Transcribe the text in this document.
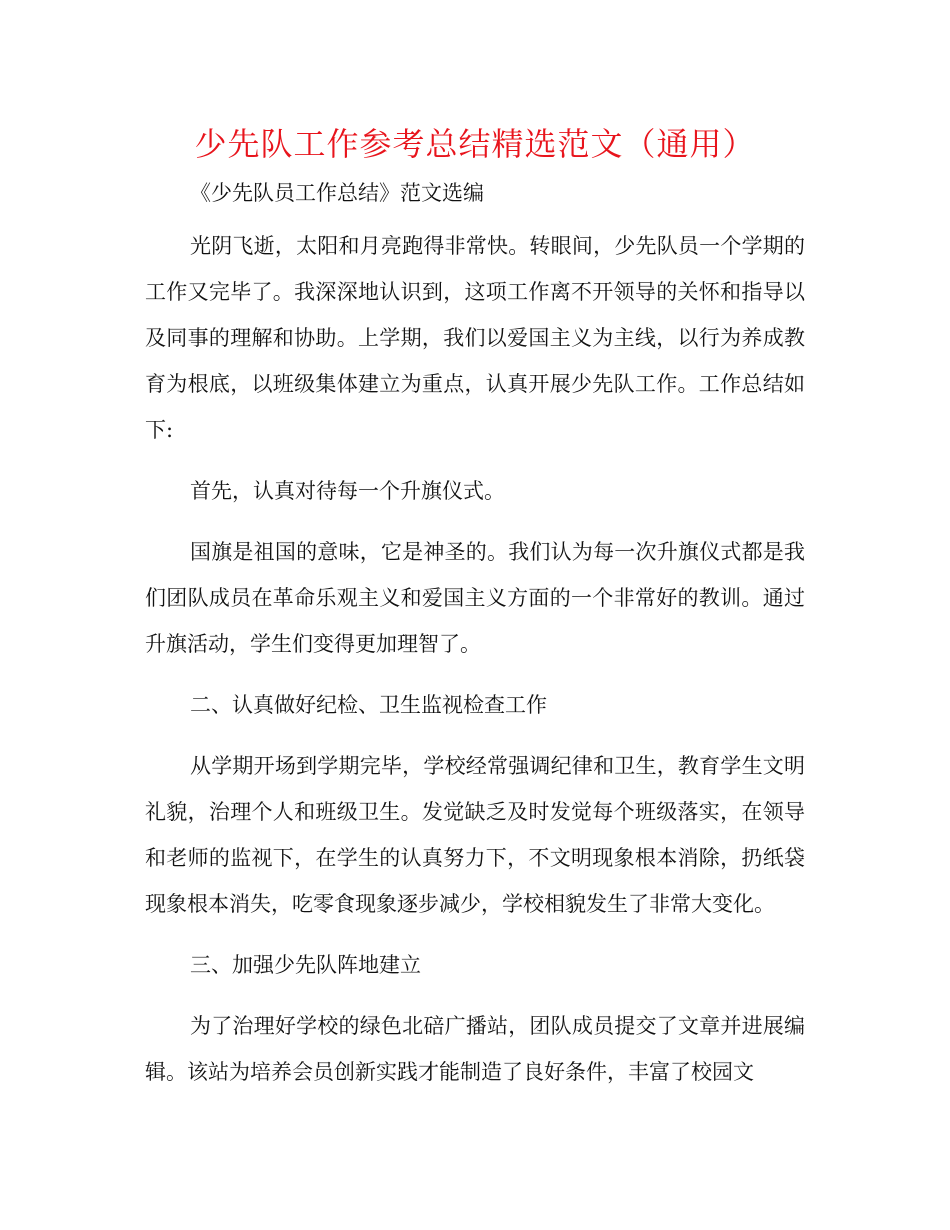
少先队工作参考总结精选范文（通用）
《少先队员工作总结》范文选编

光阴飞逝，太阳和月亮跑得非常快。转眼间，少先队员一个学期的工作又完毕了。我深深地认识到，这项工作离不开领导的关怀和指导以及同事的理解和协助。上学期，我们以爱国主义为主线，以行为养成教育为根底，以班级集体建立为重点，认真开展少先队工作。工作总结如下:

首先，认真对待每一个升旗仪式。

国旗是祖国的意味，它是神圣的。我们认为每一次升旗仪式都是我们团队成员在革命乐观主义和爱国主义方面的一个非常好的教训。通过升旗活动，学生们变得更加理智了。

二、认真做好纪检、卫生监视检查工作

从学期开场到学期完毕，学校经常强调纪律和卫生，教育学生文明礼貌，治理个人和班级卫生。发觉缺乏及时发觉每个班级落实，在领导和老师的监视下，在学生的认真努力下，不文明现象根本消除，扔纸袋现象根本消失，吃零食现象逐步减少，学校相貌发生了非常大变化。

三、加强少先队阵地建立

为了治理好学校的绿色北碚广播站，团队成员提交了文章并进展编辑。该站为培养会员创新实践才能制造了良好条件，丰富了校园文
